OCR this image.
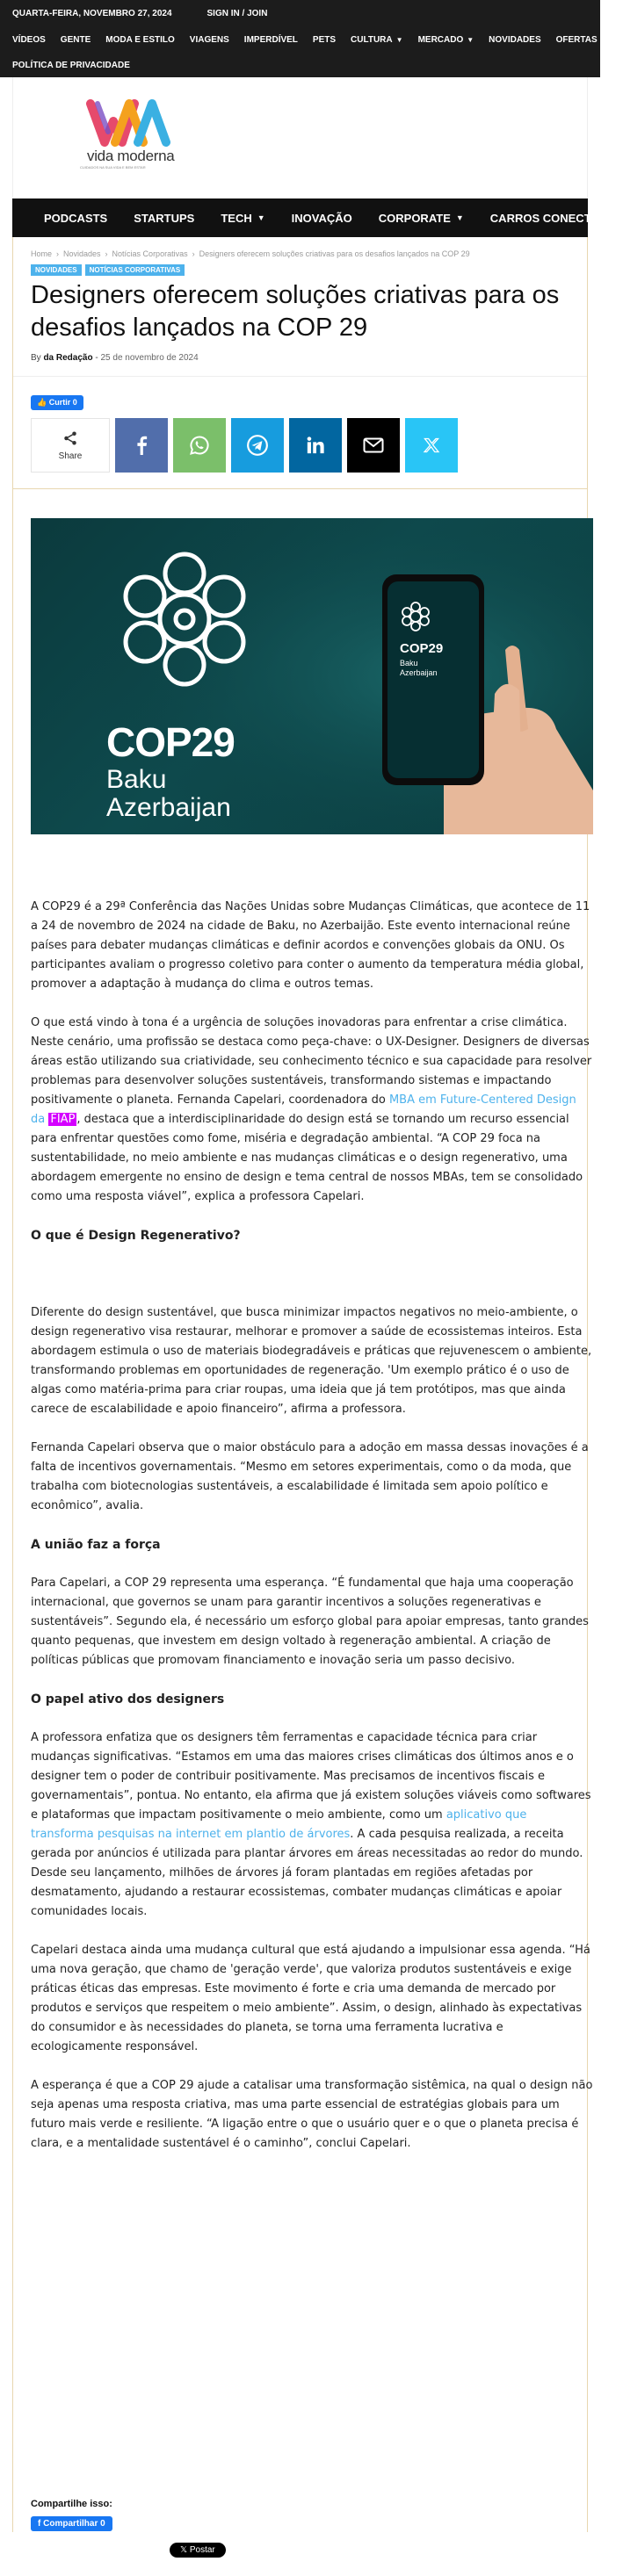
QUARTA-FEIRA, NOVEMBRO 27, 2024	SIGN IN / JOIN
VÍDEOS GENTE MODA E ESTILO VIAGENS IMPERDÍVEL PETS CULTURA ▼ MERCADO ▼ NOVIDADES OFERTAS
POLÍTICA DE PRIVACIDADE
vida moderna
CUIDADOS NA SUA VIDA E BEM ESTAR
PODCASTS STARTUPS TECH ▼ INOVAÇÃO CORPORATE ▼ CARROS CONECTADOS
Home › Novidades › Notícias Corporativas › Designers oferecem soluções criativas para os desafios lançados na COP 29
NOVIDADES	NOTÍCIAS CORPORATIVAS
Designers oferecem soluções criativas para os desafios lançados na COP 29
By da Redação - 25 de novembro de 2024
👍 Curtir 0
Share
COP29
Baku
Azerbaijan
COP29
Baku
Azerbaijan

A COP29 é a 29ª Conferência das Nações Unidas sobre Mudanças Climáticas, que acontece de 11 a 24 de novembro de 2024 na cidade de Baku, no Azerbaijão. Este evento internacional reúne países para debater mudanças climáticas e definir acordos e convenções globais da ONU. Os participantes avaliam o progresso coletivo para conter o aumento da temperatura média global, promover a adaptação à mudança do clima e outros temas.

O que está vindo à tona é a urgência de soluções inovadoras para enfrentar a crise climática. Neste cenário, uma profissão se destaca como peça-chave: o UX-Designer. Designers de diversas áreas estão utilizando sua criatividade, seu conhecimento técnico e sua capacidade para resolver problemas para desenvolver soluções sustentáveis, transformando sistemas e impactando positivamente o planeta. Fernanda Capelari, coordenadora do MBA em Future-Centered Design da FIAP , destaca que a interdisciplinaridade do design está se tornando um recurso essencial para enfrentar questões como fome, miséria e degradação ambiental. “A COP 29 foca na sustentabilidade, no meio ambiente e nas mudanças climáticas e o design regenerativo, uma abordagem emergente no ensino de design e tema central de nossos MBAs, tem se consolidado como uma resposta viável”, explica a professora Capelari.

O que é Design Regenerativo?

Diferente do design sustentável, que busca minimizar impactos negativos no meio-ambiente, o design regenerativo visa restaurar, melhorar e promover a saúde de ecossistemas inteiros. Esta abordagem estimula o uso de materiais biodegradáveis e práticas que rejuvenescem o ambiente, transformando problemas em oportunidades de regeneração. 'Um exemplo prático é o uso de algas como matéria-prima para criar roupas, uma ideia que já tem protótipos, mas que ainda carece de escalabilidade e apoio financeiro”, afirma a professora.

Fernanda Capelari observa que o maior obstáculo para a adoção em massa dessas inovações é a falta de incentivos governamentais. “Mesmo em setores experimentais, como o da moda, que trabalha com biotecnologias sustentáveis, a escalabilidade é limitada sem apoio político e econômico”, avalia.

A união faz a força

Para Capelari, a COP 29 representa uma esperança. “É fundamental que haja uma cooperação internacional, que governos se unam para garantir incentivos a soluções regenerativas e sustentáveis”. Segundo ela, é necessário um esforço global para apoiar empresas, tanto grandes quanto pequenas, que investem em design voltado à regeneração ambiental. A criação de políticas públicas que promovam financiamento e inovação seria um passo decisivo.

O papel ativo dos designers

A professora enfatiza que os designers têm ferramentas e capacidade técnica para criar mudanças significativas. “Estamos em uma das maiores crises climáticas dos últimos anos e o designer tem o poder de contribuir positivamente. Mas precisamos de incentivos fiscais e governamentais”, pontua. No entanto, ela afirma que já existem soluções viáveis como softwares e plataformas que impactam positivamente o meio ambiente, como um aplicativo que transforma pesquisas na internet em plantio de árvores. A cada pesquisa realizada, a receita gerada por anúncios é utilizada para plantar árvores em áreas necessitadas ao redor do mundo. Desde seu lançamento, milhões de árvores já foram plantadas em regiões afetadas por desmatamento, ajudando a restaurar ecossistemas, combater mudanças climáticas e apoiar comunidades locais.

Capelari destaca ainda uma mudança cultural que está ajudando a impulsionar essa agenda. “Há uma nova geração, que chamo de 'geração verde', que valoriza produtos sustentáveis e exige práticas éticas das empresas. Este movimento é forte e cria uma demanda de mercado por produtos e serviços que respeitem o meio ambiente”. Assim, o design, alinhado às expectativas do consumidor e às necessidades do planeta, se torna uma ferramenta lucrativa e ecologicamente responsável.

A esperança é que a COP 29 ajude a catalisar uma transformação sistêmica, na qual o design não seja apenas uma resposta criativa, mas uma parte essencial de estratégias globais para um futuro mais verde e resiliente. “A ligação entre o que o usuário quer e o que o planeta precisa é clara, e a mentalidade sustentável é o caminho”, conclui Capelari.

Compartilhe isso:
f Compartilhar 0
𝕏 Postar
